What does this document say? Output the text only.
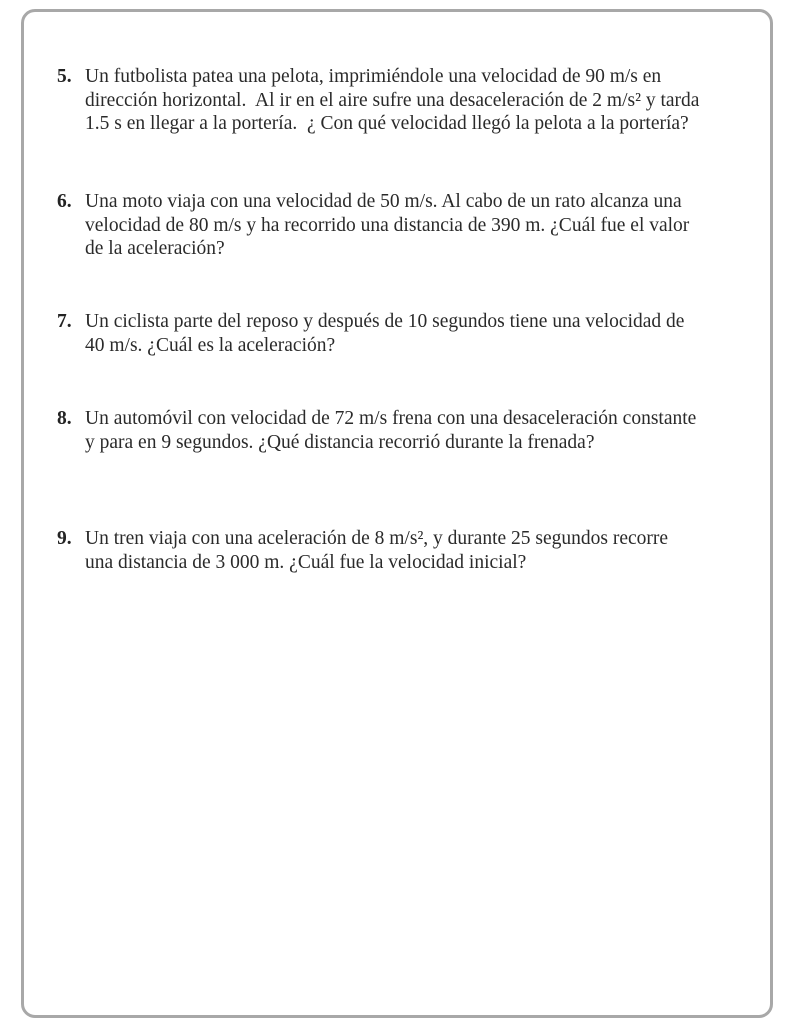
5. Un futbolista patea una pelota, imprimiéndole una velocidad de 90 m/s en
dirección horizontal.  Al ir en el aire sufre una desaceleración de 2 m/s² y tarda
1.5 s en llegar a la portería.  ¿ Con qué velocidad llegó la pelota a la portería?
6. Una moto viaja con una velocidad de 50 m/s. Al cabo de un rato alcanza una
velocidad de 80 m/s y ha recorrido una distancia de 390 m. ¿Cuál fue el valor
de la aceleración?
7. Un ciclista parte del reposo y después de 10 segundos tiene una velocidad de
40 m/s. ¿Cuál es la aceleración?
8. Un automóvil con velocidad de 72 m/s frena con una desaceleración constante
y para en 9 segundos. ¿Qué distancia recorrió durante la frenada?
9. Un tren viaja con una aceleración de 8 m/s², y durante 25 segundos recorre
una distancia de 3 000 m. ¿Cuál fue la velocidad inicial?
